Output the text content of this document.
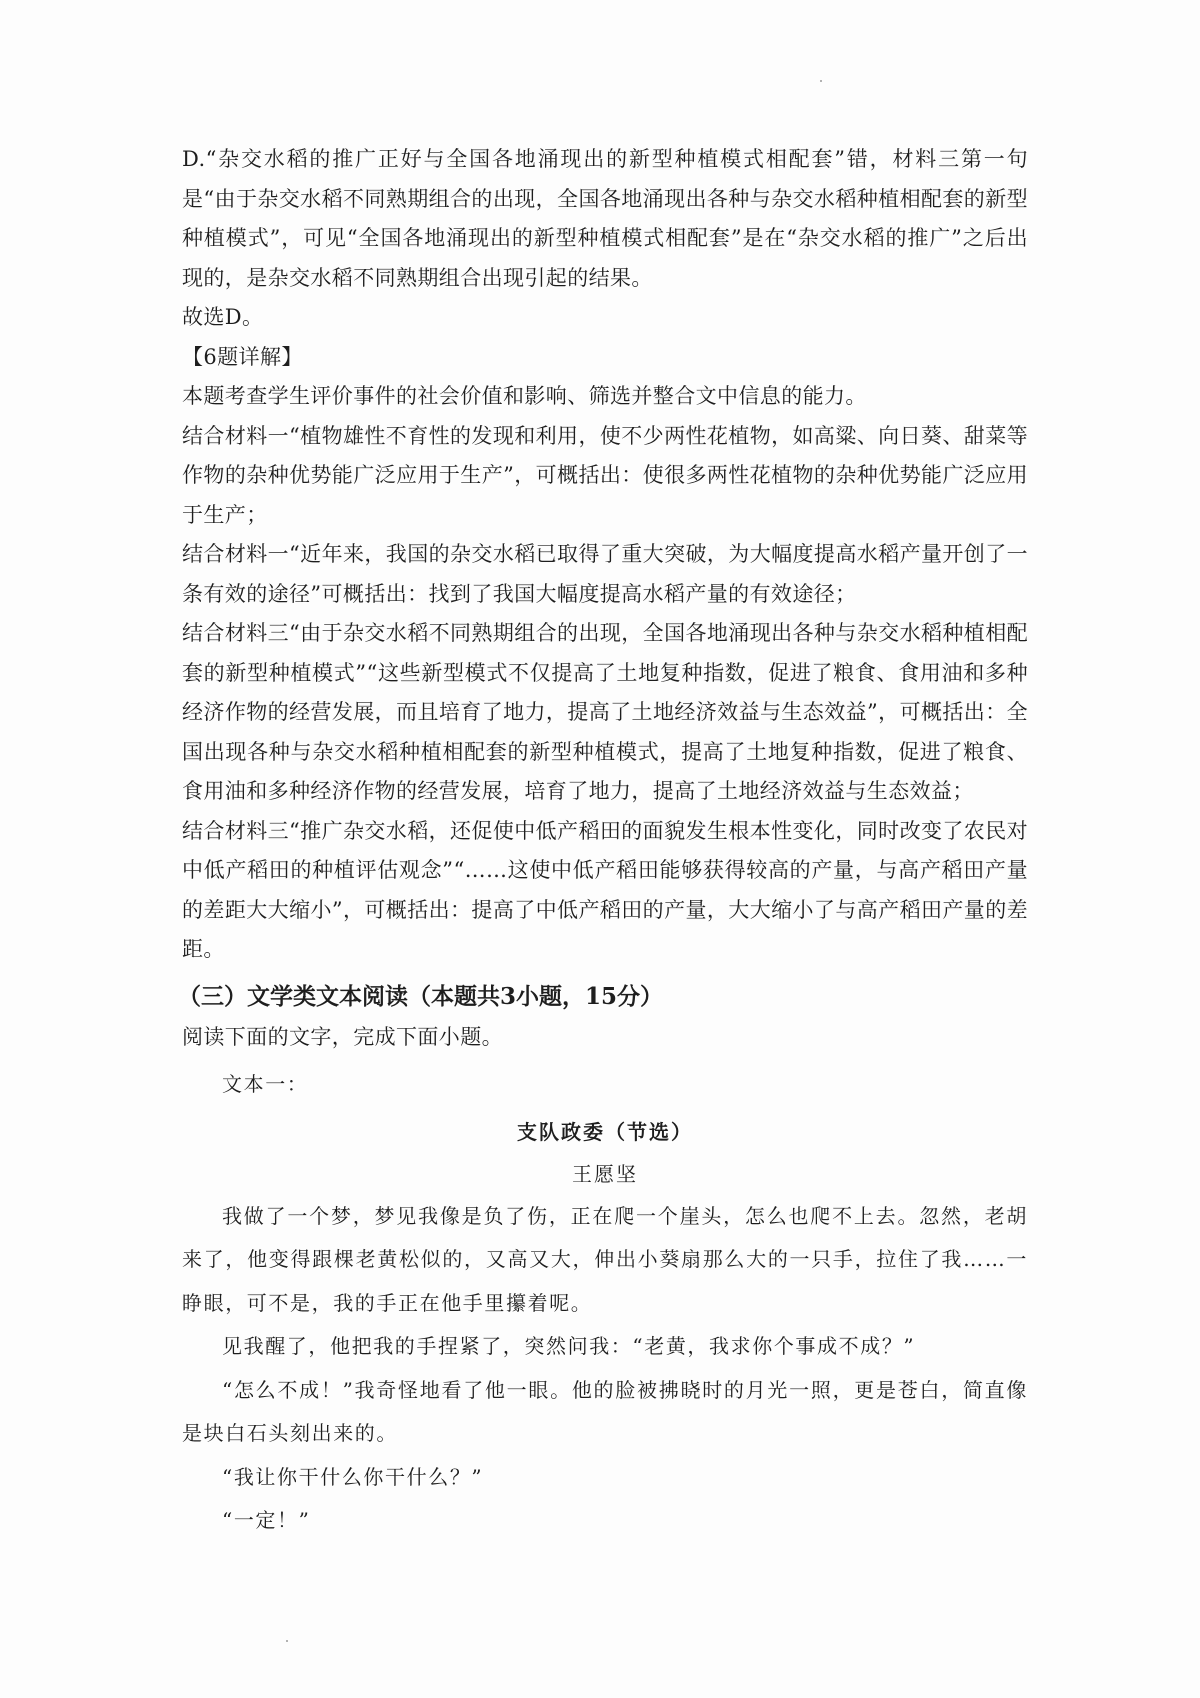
D.“杂交水稻的推广正好与全国各地涌现出的新型种植模式相配套”错，材料三第一句是“由于杂交水稻不同熟期组合的出现，全国各地涌现出各种与杂交水稻种植相配套的新型种植模式”，可见“全国各地涌现出的新型种植模式相配套”是在“杂交水稻的推广”之后出现的，是杂交水稻不同熟期组合出现引起的结果。

故选D。

【6题详解】

本题考查学生评价事件的社会价值和影响、筛选并整合文中信息的能力。

结合材料一“植物雄性不育性的发现和利用，使不少两性花植物，如高粱、向日葵、甜菜等作物的杂种优势能广泛应用于生产”，可概括出：使很多两性花植物的杂种优势能广泛应用于生产；

结合材料一“近年来，我国的杂交水稻已取得了重大突破，为大幅度提高水稻产量开创了一条有效的途径”可概括出：找到了我国大幅度提高水稻产量的有效途径；

结合材料三“由于杂交水稻不同熟期组合的出现，全国各地涌现出各种与杂交水稻种植相配套的新型种植模式”“这些新型模式不仅提高了土地复种指数，促进了粮食、食用油和多种经济作物的经营发展，而且培育了地力，提高了土地经济效益与生态效益”，可概括出：全国出现各种与杂交水稻种植相配套的新型种植模式，提高了土地复种指数，促进了粮食、食用油和多种经济作物的经营发展，培育了地力，提高了土地经济效益与生态效益；

结合材料三“推广杂交水稻，还促使中低产稻田的面貌发生根本性变化，同时改变了农民对中低产稻田的种植评估观念”“……这使中低产稻田能够获得较高的产量，与高产稻田产量的差距大大缩小”，可概括出：提高了中低产稻田的产量，大大缩小了与高产稻田产量的差距。

（三）文学类文本阅读（本题共3小题，15分）

阅读下面的文字，完成下面小题。

文本一：

支队政委（节选）

王愿坚

我做了一个梦，梦见我像是负了伤，正在爬一个崖头，怎么也爬不上去。忽然，老胡来了，他变得跟棵老黄松似的，又高又大，伸出小葵扇那么大的一只手，拉住了我……一睁眼，可不是，我的手正在他手里攥着呢。

见我醒了，他把我的手捏紧了，突然问我：“老黄，我求你个事成不成？”

“怎么不成！”我奇怪地看了他一眼。他的脸被拂晓时的月光一照，更是苍白，简直像是块白石头刻出来的。

“我让你干什么你干什么？”

“一定！”
